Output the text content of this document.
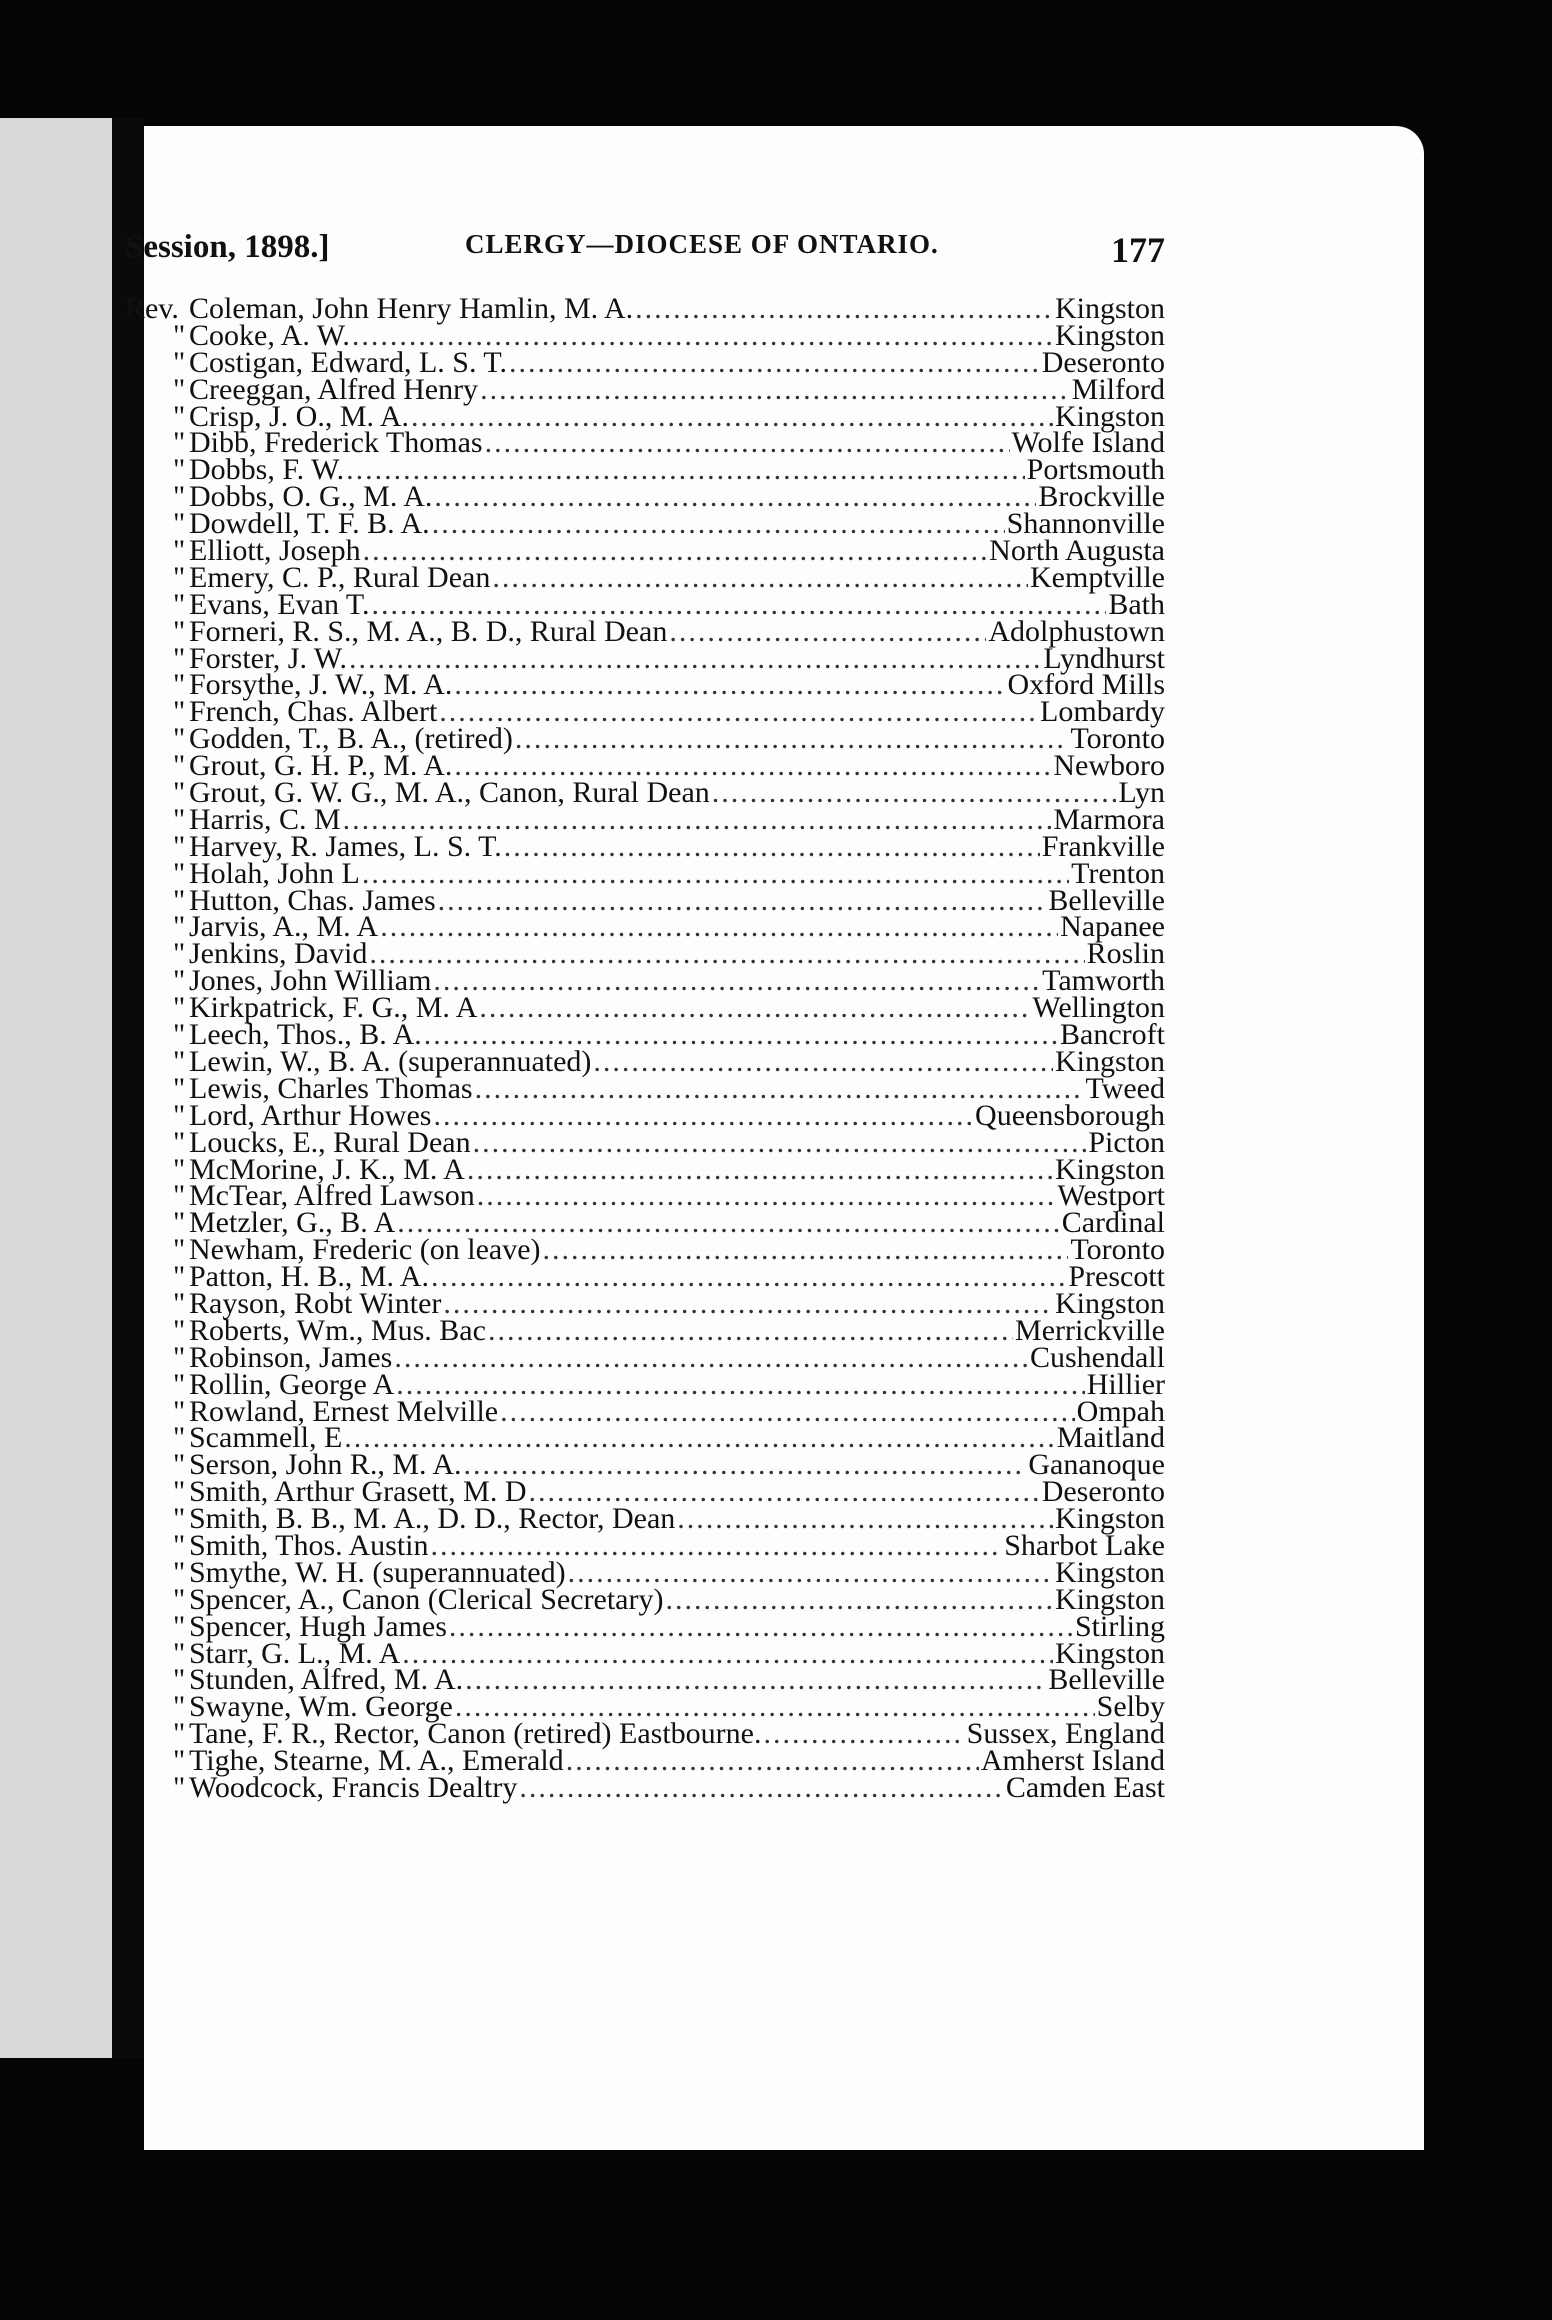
Session, 1898.]	CLERGY—DIOCESE OF ONTARIO.	177
Rev. Coleman, John Henry Hamlin, M. A. .....	Kingston
" Cooke, A. W. .....	Kingston
" Costigan, Edward, L. S. T. .....	Deseronto
" Creeggan, Alfred Henry .....	Milford
" Crisp, J. O., M. A. .....	Kingston
" Dibb, Frederick Thomas .....	Wolfe Island
" Dobbs, F. W. .....	Portsmouth
" Dobbs, O. G., M. A. .....	Brockville
" Dowdell, T. F. B. A. .....	Shannonville
" Elliott, Joseph .....	North Augusta
" Emery, C. P., Rural Dean .....	Kemptville
" Evans, Evan T. .....	Bath
" Forneri, R. S., M. A., B. D., Rural Dean .....	Adolphustown
" Forster, J. W. .....	Lyndhurst
" Forsythe, J. W., M. A. .....	Oxford Mills
" French, Chas. Albert .....	Lombardy
" Godden, T., B. A., (retired) .....	Toronto
" Grout, G. H. P., M. A. .....	Newboro
" Grout, G. W. G., M. A., Canon, Rural Dean .....	Lyn
" Harris, C. M .....	Marmora
" Harvey, R. James, L. S. T. .....	Frankville
" Holah, John L .....	Trenton
" Hutton, Chas. James .....	Belleville
" Jarvis, A., M. A .....	Napanee
" Jenkins, David .....	Roslin
" Jones, John William .....	Tamworth
" Kirkpatrick, F. G., M. A .....	Wellington
" Leech, Thos., B. A. .....	Bancroft
" Lewin, W., B. A. (superannuated) .....	Kingston
" Lewis, Charles Thomas .....	Tweed
" Lord, Arthur Howes .....	Queensborough
" Loucks, E., Rural Dean .....	Picton
" McMorine, J. K., M. A .....	Kingston
" McTear, Alfred Lawson .....	Westport
" Metzler, G., B. A .....	Cardinal
" Newham, Frederic (on leave) .....	Toronto
" Patton, H. B., M. A. .....	Prescott
" Rayson, Robt Winter .....	Kingston
" Roberts, Wm., Mus. Bac .....	Merrickville
" Robinson, James .....	Cushendall
" Rollin, George A .....	Hillier
" Rowland, Ernest Melville .....	Ompah
" Scammell, E .....	Maitland
" Serson, John R., M. A. .....	Gananoque
" Smith, Arthur Grasett, M. D .....	Deseronto
" Smith, B. B., M. A., D. D., Rector, Dean .....	Kingston
" Smith, Thos. Austin .....	Sharbot Lake
" Smythe, W. H. (superannuated) .....	Kingston
" Spencer, A., Canon (Clerical Secretary) .....	Kingston
" Spencer, Hugh James .....	Stirling
" Starr, G. L., M. A .....	Kingston
" Stunden, Alfred, M. A. .....	Belleville
" Swayne, Wm. George .....	Selby
" Tane, F. R., Rector, Canon (retired) Eastbourne. .....	Sussex, England
" Tighe, Stearne, M. A., Emerald .....	Amherst Island
" Woodcock, Francis Dealtry .....	Camden East
